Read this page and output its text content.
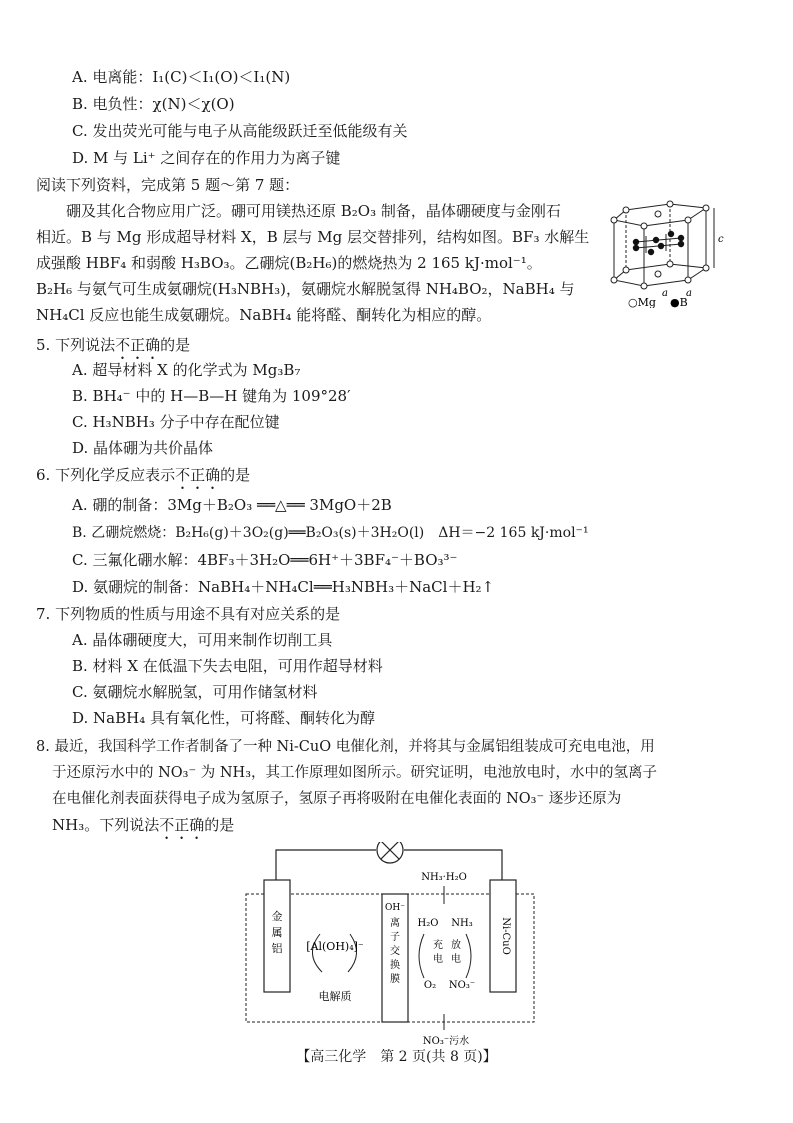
A. 电离能：I₁(C)＜I₁(O)＜I₁(N)
B. 电负性：χ(N)＜χ(O)
C. 发出荧光可能与电子从高能级跃迁至低能级有关
D. M 与 Li⁺ 之间存在的作用力为离子键
阅读下列资料，完成第 5 题～第 7 题：

硼及其化合物应用广泛。硼可用镁热还原 B₂O₃ 制备，晶体硼硬度与金刚石

相近。B 与 Mg 形成超导材料 X，B 层与 Mg 层交替排列，结构如图。BF₃ 水解生

成强酸 HBF₄ 和弱酸 H₃BO₃。乙硼烷(B₂H₆)的燃烧热为 2 165 kJ·mol⁻¹。

B₂H₆ 与氨气可生成氨硼烷(H₃NBH₃)，氨硼烷水解脱氢得 NH₄BO₂，NaBH₄ 与

NH₄Cl 反应也能生成氨硼烷。NaBH₄ 能将醛、酮转化为相应的醇。

c
a a
○Mg ●B
5. 下列说法不正确的是
A. 超导材料 X 的化学式为 Mg₃B₇
B. BH₄⁻ 中的 H—B—H 键角为 109°28′
C. H₃NBH₃ 分子中存在配位键
D. 晶体硼为共价晶体
6. 下列化学反应表示不正确的是
A. 硼的制备：3Mg＋B₂O₃ ══△══ 3MgO＋2B
B. 乙硼烷燃烧：B₂H₆(g)＋3O₂(g)══B₂O₃(s)＋3H₂O(l)　ΔH＝−2 165 kJ·mol⁻¹
C. 三氟化硼水解：4BF₃＋3H₂O══6H⁺＋3BF₄⁻＋BO₃³⁻
D. 氨硼烷的制备：NaBH₄＋NH₄Cl══H₃NBH₃＋NaCl＋H₂↑
7. 下列物质的性质与用途不具有对应关系的是
A. 晶体硼硬度大，可用来制作切削工具
B. 材料 X 在低温下失去电阻，可用作超导材料
C. 氨硼烷水解脱氢，可用作储氢材料
D. NaBH₄ 具有氧化性，可将醛、酮转化为醇
8. 最近，我国科学工作者制备了一种 Ni-CuO 电催化剂，并将其与金属铝组装成可充电电池，用
于还原污水中的 NO₃⁻ 为 NH₃，其工作原理如图所示。研究证明，电池放电时，水中的氢离子
在电催化剂表面获得电子成为氢原子，氢原子再将吸附在电催化表面的 NO₃⁻ 逐步还原为
NH₃。下列说法不正确的是
金
属
铝 [Al(OH)₄]⁻
电解质
OH⁻
离
子
交
换
膜
Ni-CuO
NH₃·H₂O
H₂O NH₃
充
电
放
电
O₂ NO₃⁻
NO₃⁻污水
【高三化学　第 2 页(共 8 页)】
